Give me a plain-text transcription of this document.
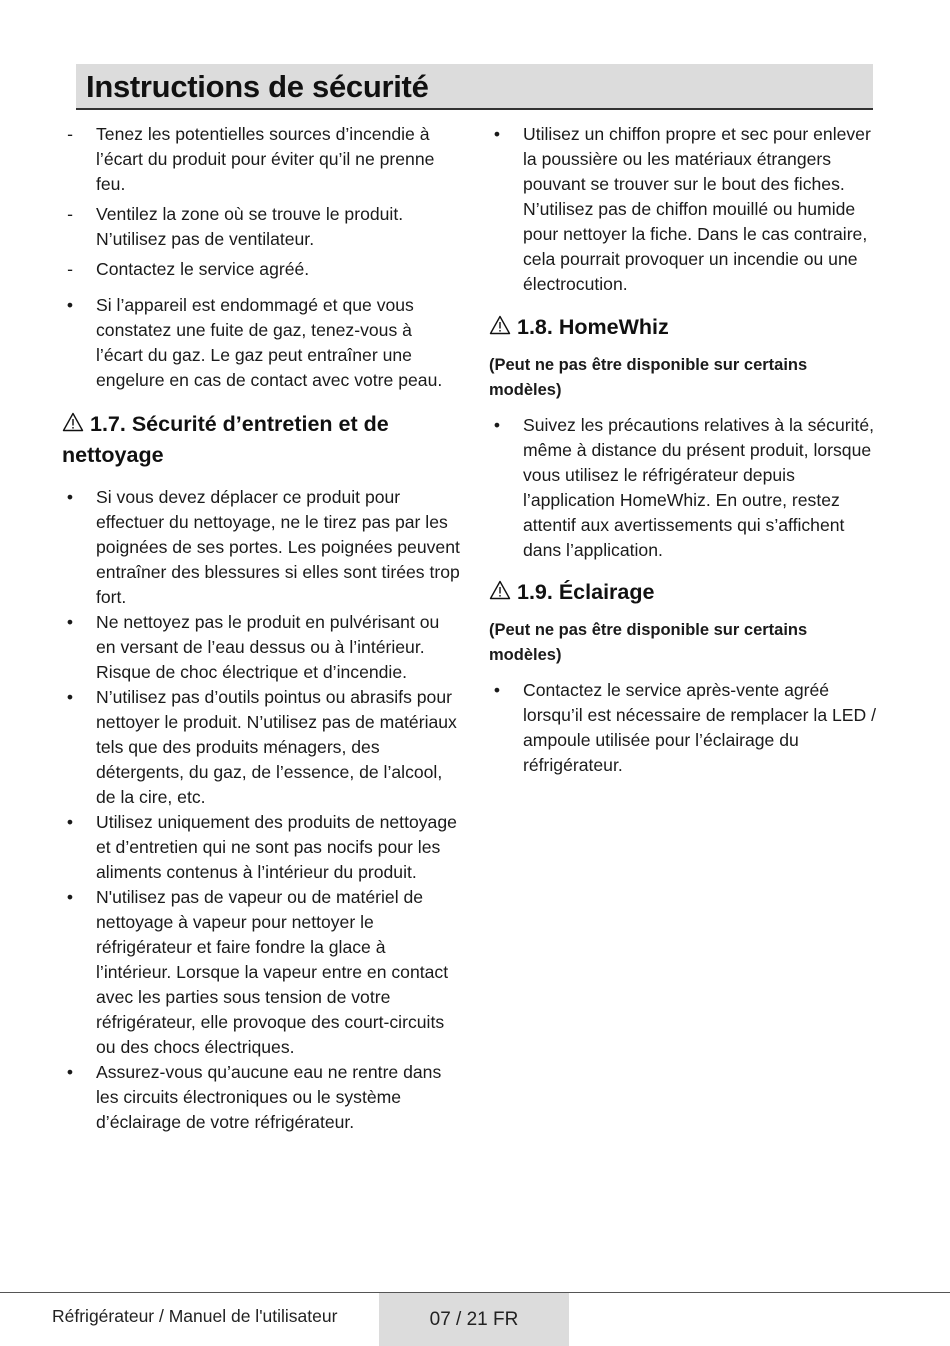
Instructions de sécurité
- Tenez les potentielles sources d’incendie à l’écart du produit pour éviter qu’il ne prenne feu.
- Ventilez la zone où se trouve le produit. N’utilisez pas de ventilateur.
- Contactez le service agréé.
• Si l’appareil est endommagé et que vous constatez une fuite de gaz, tenez-vous à l’écart du gaz. Le gaz peut entraîner une engelure en cas de contact avec votre peau.
1.7. Sécurité d’entretien et de nettoyage
• Si vous devez déplacer ce produit pour effectuer du nettoyage, ne le tirez pas par les poignées de ses portes. Les poignées peuvent entraîner des blessures si elles sont tirées trop fort.
• Ne nettoyez pas le produit en pulvérisant ou en versant de l’eau dessus ou à l’intérieur. Risque de choc électrique et d’incendie.
• N’utilisez pas d’outils pointus ou abrasifs pour nettoyer le produit. N’utilisez pas de matériaux tels que des produits ménagers, des détergents, du gaz, de l’essence, de l’alcool, de la cire, etc.
• Utilisez uniquement des produits de nettoyage et d’entretien qui ne sont pas nocifs pour les aliments contenus à l’intérieur du produit.
• N'utilisez pas de vapeur ou de matériel de nettoyage à vapeur pour nettoyer le réfrigérateur et faire fondre la glace à l’intérieur. Lorsque la vapeur entre en contact avec les parties sous tension de votre réfrigérateur, elle provoque des court-circuits ou des chocs électriques.
• Assurez-vous qu’aucune eau ne rentre dans les circuits électroniques ou le système d’éclairage de votre réfrigérateur.
• Utilisez un chiffon propre et sec pour enlever la poussière ou les matériaux étrangers pouvant se trouver sur le bout des fiches. N’utilisez pas de chiffon mouillé ou humide pour nettoyer la fiche. Dans le cas contraire, cela pourrait provoquer un incendie ou une électrocution.
1.8. HomeWhiz

(Peut ne pas être disponible sur certains modèles)

• Suivez les précautions relatives à la sécurité, même à distance du présent produit, lorsque vous utilisez le réfrigérateur depuis l’application HomeWhiz. En outre, restez attentif aux avertissements qui s’affichent dans l’application.
1.9. Éclairage

(Peut ne pas être disponible sur certains modèles)

• Contactez le service après-vente agréé lorsqu’il est nécessaire de remplacer la LED / ampoule utilisée pour l’éclairage du réfrigérateur.
Réfrigérateur / Manuel de l'utilisateur	07 / 21 FR
